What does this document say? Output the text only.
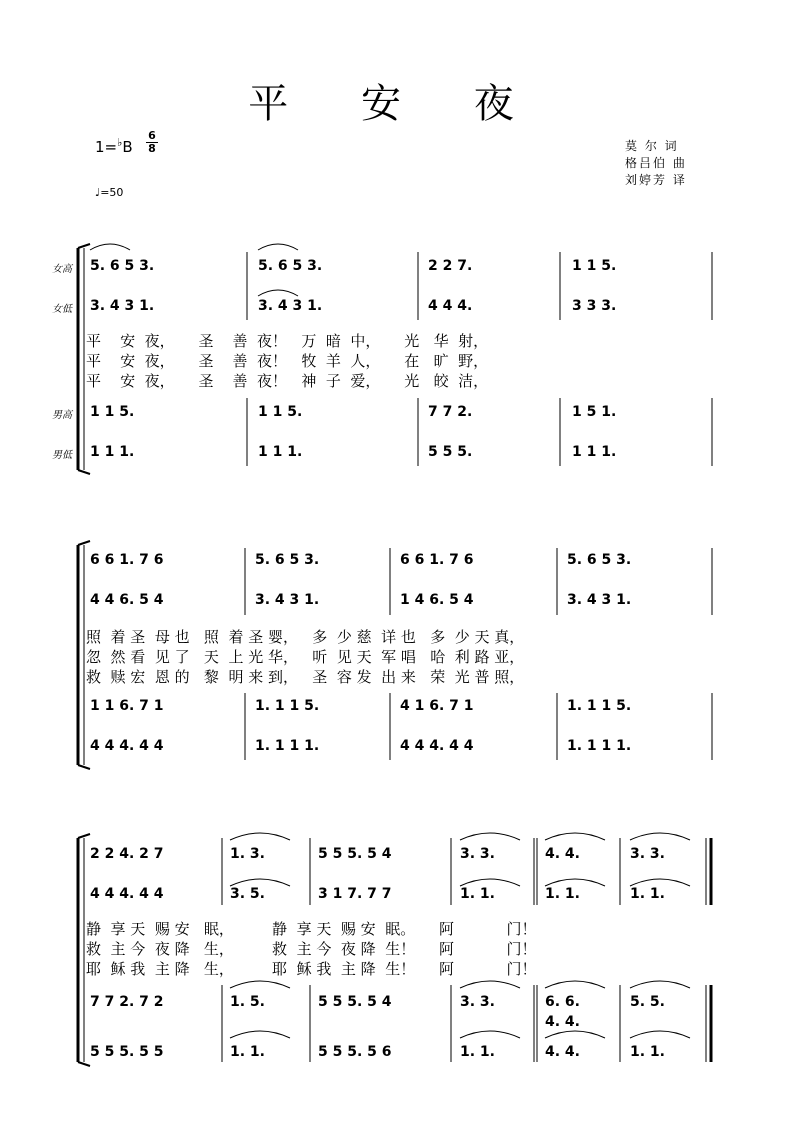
平 安 夜
$1=^♭B \frac{6}{8}$
♩=50
莫 尔 词
格吕伯 曲
刘婷芳 译
女高
女低
男高
男低
5. 6 5 3.	5. 6 5 3.	2 2 7.	1 1 5.
3. 4 3 1.	3. 4 3 1.	4 4 4.	3 3 3.
平    安  夜，     圣    善  夜！   万  暗  中，     光   华  射，
平    安  夜，     圣    善  夜！   牧  羊  人，     在   旷  野，
平    安  夜，     圣    善  夜！   神  子  爱，     光   皎  洁，
1 1 5.	1 1 5.	7 7 2.	1 5 1.
1 1 1.	1 1 1.	5 5 5.	1 1 1.
6 6 1. 7 6	5. 6 5 3.	6 6 1. 7 6	5. 6 5 3.
4 4 6. 5 4	3. 4 3 1.	1 4 6. 5 4	3. 4 3 1.
照  着 圣  母 也   照  着 圣 婴，   多  少 慈  详 也   多  少 天 真，
忽  然 看  见 了   天  上 光 华，   听  见 天  军 唱   哈  利 路 亚，
救  赎 宏  恩 的   黎  明 来 到，   圣  容 发  出 来   荣  光 普 照，
1 1 6. 7 1	1. 1 1 5.	4 1 6. 7 1	1. 1 1 5.
4 4 4. 4 4	1. 1 1 1.	4 4 4. 4 4	1. 1 1 1.
2 2 4. 2 7	1. 3.	5 5 5. 5 4	3. 3.	4. 4.	3. 3.
4 4 4. 4 4	3. 5.	3 1 7. 7 7	1. 1.	1. 1.	1. 1.
静  享 天  赐 安   眠，        静  享 天  赐 安  眠。     阿           门！
救  主 今  夜 降   生，        救  主 今  夜 降  生！     阿           门！
耶  稣 我  主 降   生，        耶  稣 我  主 降  生！     阿           门！
7 7 2. 7 2	1. 5.	5 5 5. 5 4	3. 3.	6. 6.	5. 5.
4. 4.
5 5 5. 5 5	1. 1.	5 5 5. 5 6	1. 1.	4. 4.	1. 1.
